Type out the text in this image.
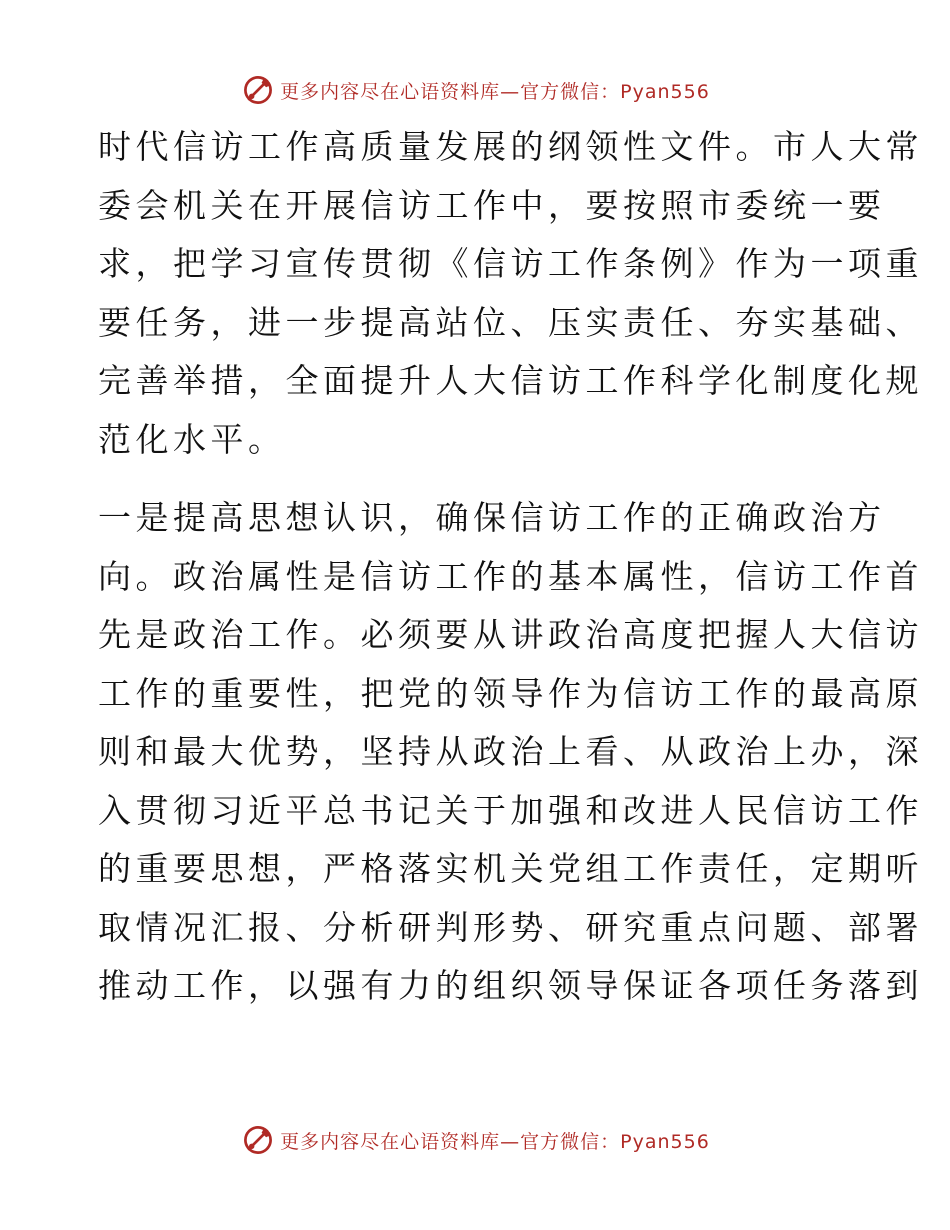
更多内容尽在心语资料库—官方微信：Pyan556

时代信访工作高质量发展的纲领性文件。市人大常
委会机关在开展信访工作中，要按照市委统一要
求，把学习宣传贯彻《信访工作条例》作为一项重
要任务，进一步提高站位、压实责任、夯实基础、
完善举措，全面提升人大信访工作科学化制度化规
范化水平。

一是提高思想认识，确保信访工作的正确政治方
向。政治属性是信访工作的基本属性，信访工作首
先是政治工作。必须要从讲政治高度把握人大信访
工作的重要性，把党的领导作为信访工作的最高原
则和最大优势，坚持从政治上看、从政治上办，深
入贯彻习近平总书记关于加强和改进人民信访工作
的重要思想，严格落实机关党组工作责任，定期听
取情况汇报、分析研判形势、研究重点问题、部署
推动工作，以强有力的组织领导保证各项任务落到

更多内容尽在心语资料库—官方微信：Pyan556
